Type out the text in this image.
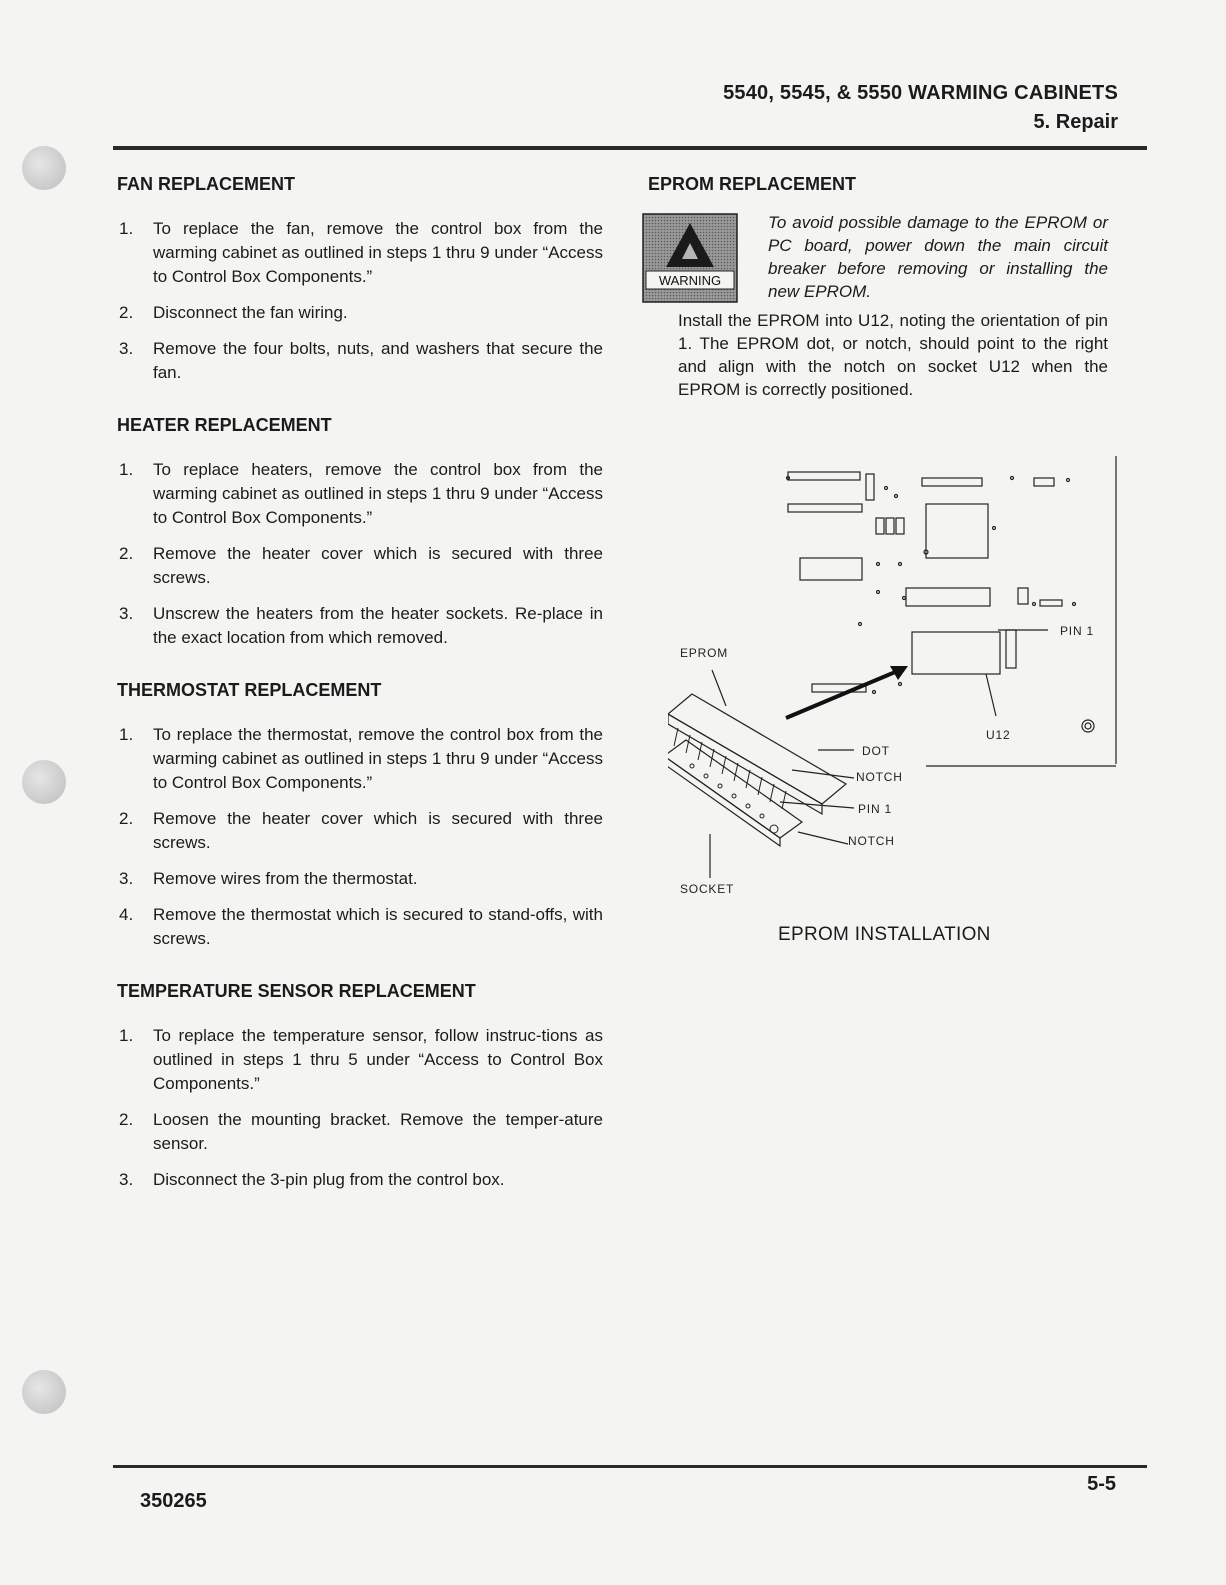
5540, 5545, & 5550 WARMING CABINETS
5. Repair
FAN REPLACEMENT
1. To replace the fan, remove the control box from the warming cabinet as outlined in steps 1 thru 9 under “Access to Control Box Components.”
2. Disconnect the fan wiring.
3. Remove the four bolts, nuts, and washers that secure the fan.
HEATER REPLACEMENT
1. To replace heaters, remove the control box from the warming cabinet as outlined in steps 1 thru 9 under “Access to Control Box Components.”
2. Remove the heater cover which is secured with three screws.
3. Unscrew the heaters from the heater sockets. Re-place in the exact location from which removed.
THERMOSTAT REPLACEMENT
1. To replace the thermostat, remove the control box from the warming cabinet as outlined in steps 1 thru 9 under “Access to Control Box Components.”
2. Remove the heater cover which is secured with three screws.
3. Remove wires from the thermostat.
4. Remove the thermostat which is secured to stand-offs, with screws.
TEMPERATURE SENSOR REPLACEMENT
1. To replace the temperature sensor, follow instruc-tions as outlined in steps 1 thru 5 under “Access to Control Box Components.”
2. Loosen the mounting bracket. Remove the temper-ature sensor.
3. Disconnect the 3-pin plug from the control box.
EPROM REPLACEMENT
WARNING
To avoid possible damage to the EPROM or PC board, power down the main circuit breaker before removing or installing the new EPROM.
Install the EPROM into U12, noting the orientation of pin 1. The EPROM dot, or notch, should point to the right and align with the notch on socket U12 when the EPROM is correctly positioned.
EPROM
PIN 1
U12
DOT
NOTCH
PIN 1
NOTCH
SOCKET
EPROM INSTALLATION
350265
5-5
